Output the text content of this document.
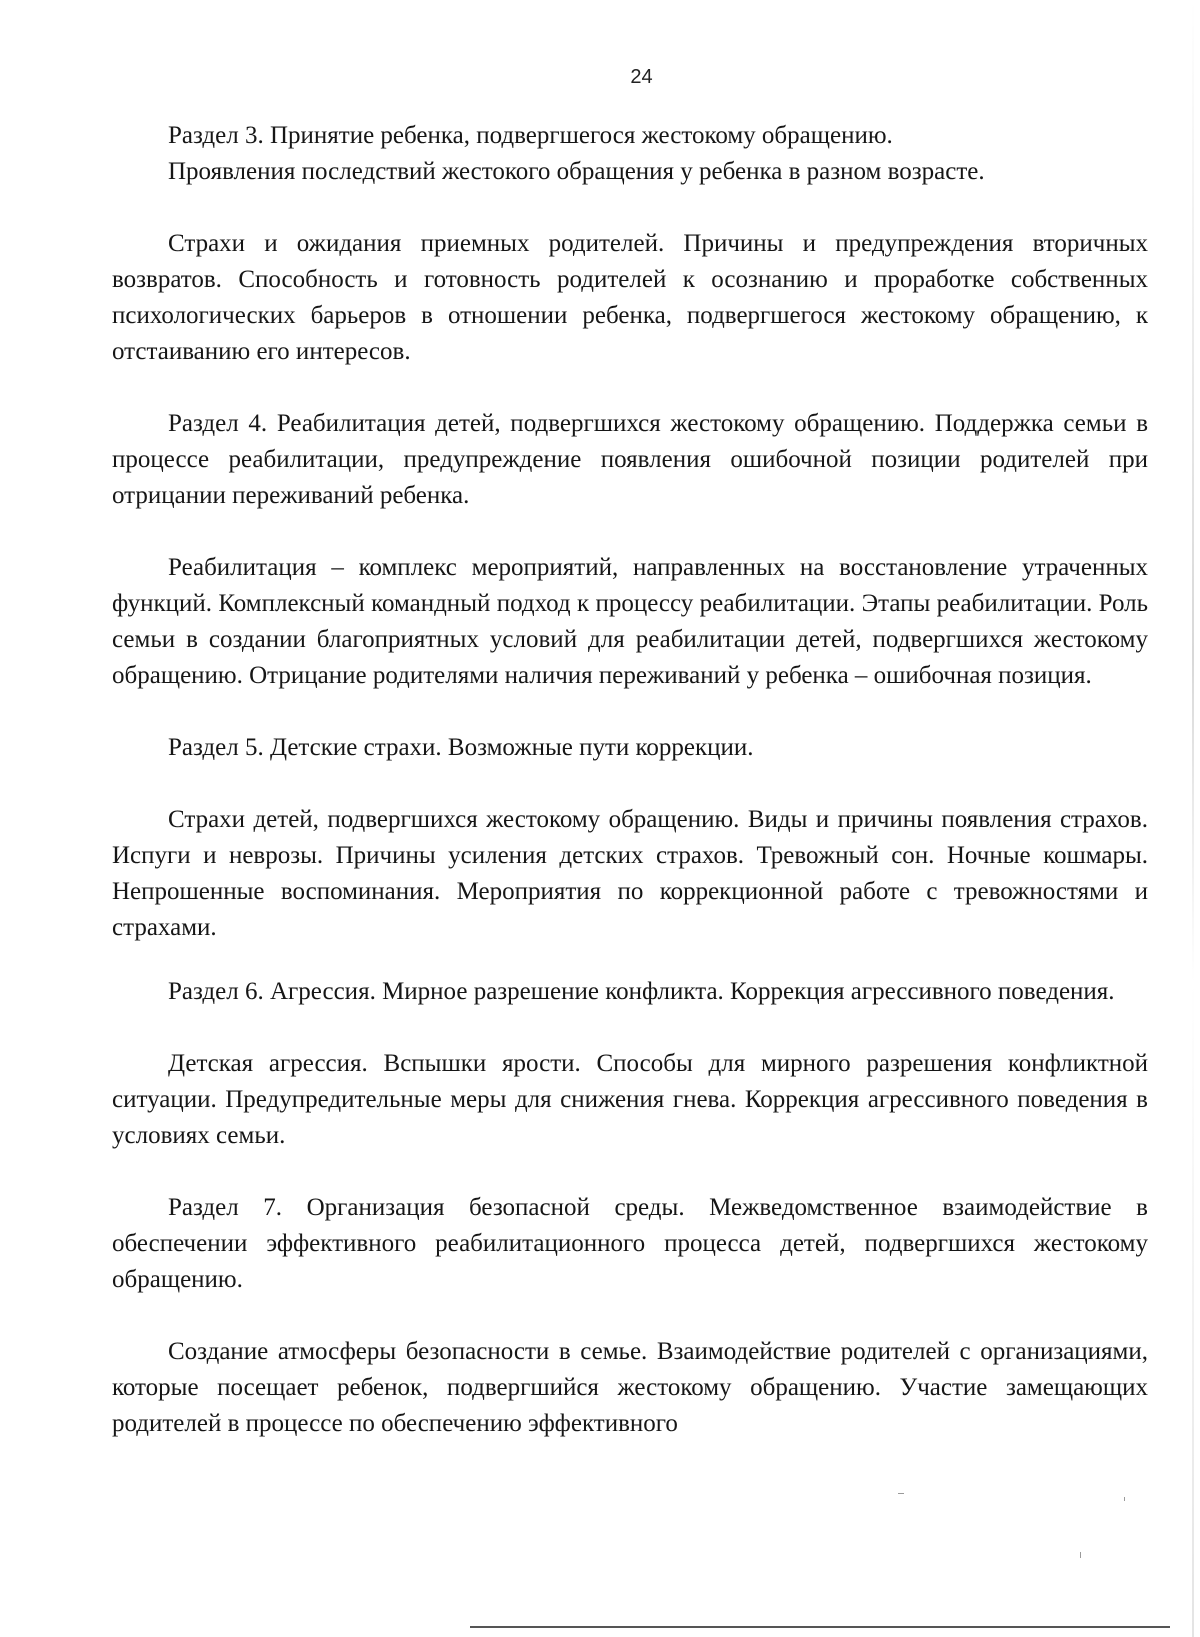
24

Раздел 3. Принятие ребенка, подвергшегося жестокому обращению.

Проявления последствий жестокого обращения у ребенка в разном возрасте.

Страхи и ожидания приемных родителей. Причины и предупреждения вторичных возвратов. Способность и готовность родителей к осознанию и проработке собственных психологических барьеров в отношении ребенка, подвергшегося жестокому обращению, к отстаиванию его интересов.

Раздел 4. Реабилитация детей, подвергшихся жестокому обращению. Поддержка семьи в процессе реабилитации, предупреждение появления ошибочной позиции родителей при отрицании переживаний ребенка.

Реабилитация – комплекс мероприятий, направленных на восстановление утраченных функций. Комплексный командный подход к процессу реабилитации. Этапы реабилитации. Роль семьи в создании благоприятных условий для реабилитации детей, подвергшихся жестокому обращению. Отрицание родителями наличия переживаний у ребенка – ошибочная позиция.

Раздел 5. Детские страхи. Возможные пути коррекции.

Страхи детей, подвергшихся жестокому обращению. Виды и причины появления страхов. Испуги и неврозы. Причины усиления детских страхов. Тревожный сон. Ночные кошмары. Непрошенные воспоминания. Мероприятия по коррекционной работе с тревожностями и страхами.

Раздел 6. Агрессия. Мирное разрешение конфликта. Коррекция агрессивного поведения.

Детская агрессия. Вспышки ярости. Способы для мирного разрешения конфликтной ситуации. Предупредительные меры для снижения гнева. Коррекция агрессивного поведения в условиях семьи.

Раздел 7. Организация безопасной среды. Межведомственное взаимодействие в обеспечении эффективного реабилитационного процесса детей, подвергшихся жестокому обращению.

Создание атмосферы безопасности в семье. Взаимодействие родителей с организациями, которые посещает ребенок, подвергшийся жестокому обращению. Участие замещающих родителей в процессе по обеспечению эффективного
